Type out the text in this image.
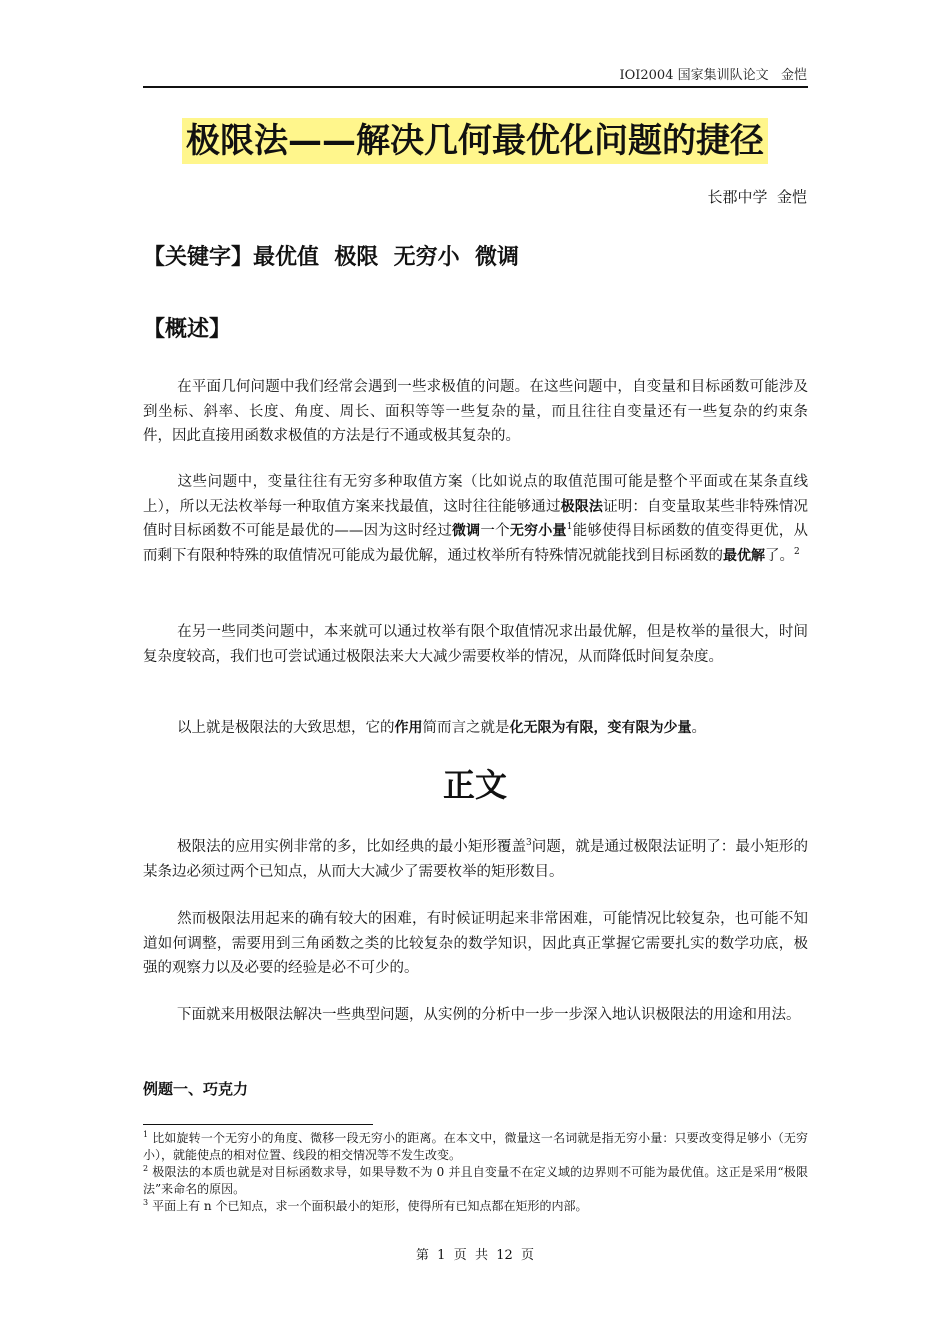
IOI2004 国家集训队论文   金恺
极限法——解决几何最优化问题的捷径
长郡中学  金恺
【关键字】最优值  极限  无穷小  微调
【概述】

在平面几何问题中我们经常会遇到一些求极值的问题。在这些问题中，自变量和目标函数可能涉及到坐标、斜率、长度、角度、周长、面积等等一些复杂的量，而且往往自变量还有一些复杂的约束条件，因此直接用函数求极值的方法是行不通或极其复杂的。

这些问题中，变量往往有无穷多种取值方案（比如说点的取值范围可能是整个平面或在某条直线上），所以无法枚举每一种取值方案来找最值，这时往往能够通过极限法证明：自变量取某些非特殊情况值时目标函数不可能是最优的——因为这时经过微调一个无穷小量$^1$能够使得目标函数的值变得更优，从而剩下有限种特殊的取值情况可能成为最优解，通过枚举所有特殊情况就能找到目标函数的最优解了。$^2$

在另一些同类问题中，本来就可以通过枚举有限个取值情况求出最优解，但是枚举的量很大，时间复杂度较高，我们也可尝试通过极限法来大大减少需要枚举的情况，从而降低时间复杂度。

以上就是极限法的大致思想，它的作用简而言之就是化无限为有限，变有限为少量。

正文

极限法的应用实例非常的多，比如经典的最小矩形覆盖$^3$问题，就是通过极限法证明了：最小矩形的某条边必须过两个已知点，从而大大减少了需要枚举的矩形数目。

然而极限法用起来的确有较大的困难，有时候证明起来非常困难，可能情况比较复杂，也可能不知道如何调整，需要用到三角函数之类的比较复杂的数学知识，因此真正掌握它需要扎实的数学功底，极强的观察力以及必要的经验是必不可少的。

下面就来用极限法解决一些典型问题，从实例的分析中一步一步深入地认识极限法的用途和用法。

例题一、巧克力

$^1$ 比如旋转一个无穷小的角度、微移一段无穷小的距离。在本文中，微量这一名词就是指无穷小量：只要改变得足够小（无穷小），就能使点的相对位置、线段的相交情况等不发生改变。

$^2$ 极限法的本质也就是对目标函数求导，如果导数不为 0 并且自变量不在定义域的边界则不可能为最优值。这正是采用“极限法”来命名的原因。

$^3$ 平面上有 n 个已知点，求一个面积最小的矩形，使得所有已知点都在矩形的内部。

第  1  页  共  12  页
